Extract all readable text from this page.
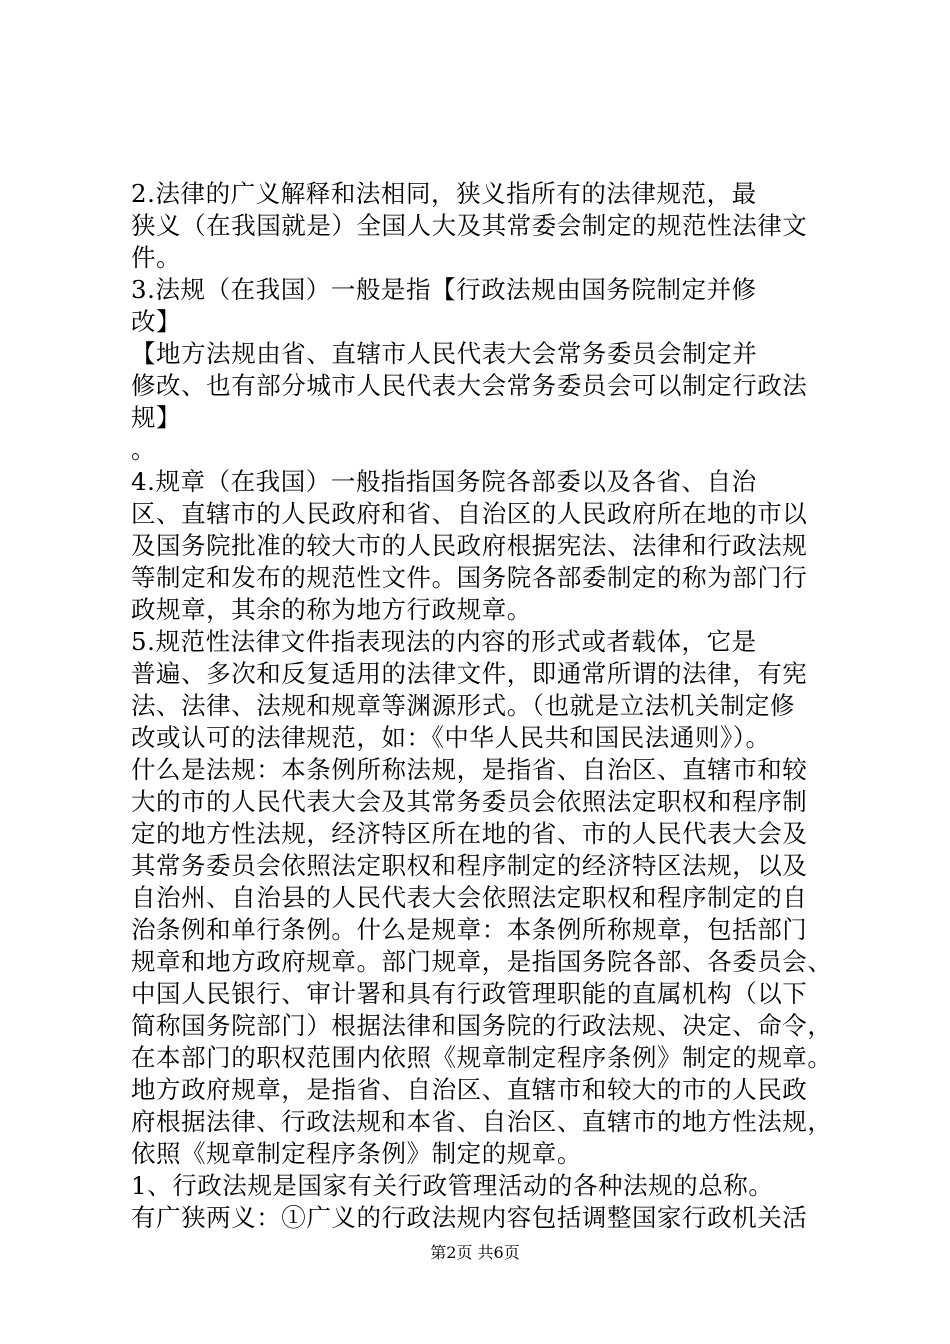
2.法律的广义解释和法相同，狭义指所有的法律规范，最
狭义（在我国就是）全国人大及其常委会制定的规范性法律文
件。
3.法规（在我国）一般是指【行政法规由国务院制定并修
改】
【地方法规由省、直辖市人民代表大会常务委员会制定并
修改、也有部分城市人民代表大会常务委员会可以制定行政法
规】
。
4.规章（在我国）一般指指国务院各部委以及各省、自治
区、直辖市的人民政府和省、自治区的人民政府所在地的市以
及国务院批准的较大市的人民政府根据宪法、法律和行政法规
等制定和发布的规范性文件。国务院各部委制定的称为部门行
政规章，其余的称为地方行政规章。
5.规范性法律文件指表现法的内容的形式或者载体，它是
普遍、多次和反复适用的法律文件，即通常所谓的法律，有宪
法、法律、法规和规章等渊源形式。（也就是立法机关制定修
改或认可的法律规范，如：《中华人民共和国民法通则》）。
什么是法规：本条例所称法规，是指省、自治区、直辖市和较
大的市的人民代表大会及其常务委员会依照法定职权和程序制
定的地方性法规，经济特区所在地的省、市的人民代表大会及
其常务委员会依照法定职权和程序制定的经济特区法规，以及
自治州、自治县的人民代表大会依照法定职权和程序制定的自
治条例和单行条例。什么是规章：本条例所称规章，包括部门
规章和地方政府规章。部门规章，是指国务院各部、各委员会、
中国人民银行、审计署和具有行政管理职能的直属机构（以下
简称国务院部门）根据法律和国务院的行政法规、决定、命令，
在本部门的职权范围内依照《规章制定程序条例》制定的规章。
地方政府规章，是指省、自治区、直辖市和较大的市的人民政
府根据法律、行政法规和本省、自治区、直辖市的地方性法规，
依照《规章制定程序条例》制定的规章。
1、行政法规是国家有关行政管理活动的各种法规的总称。
有广狭两义：①广义的行政法规内容包括调整国家行政机关活
第2页 共6页
